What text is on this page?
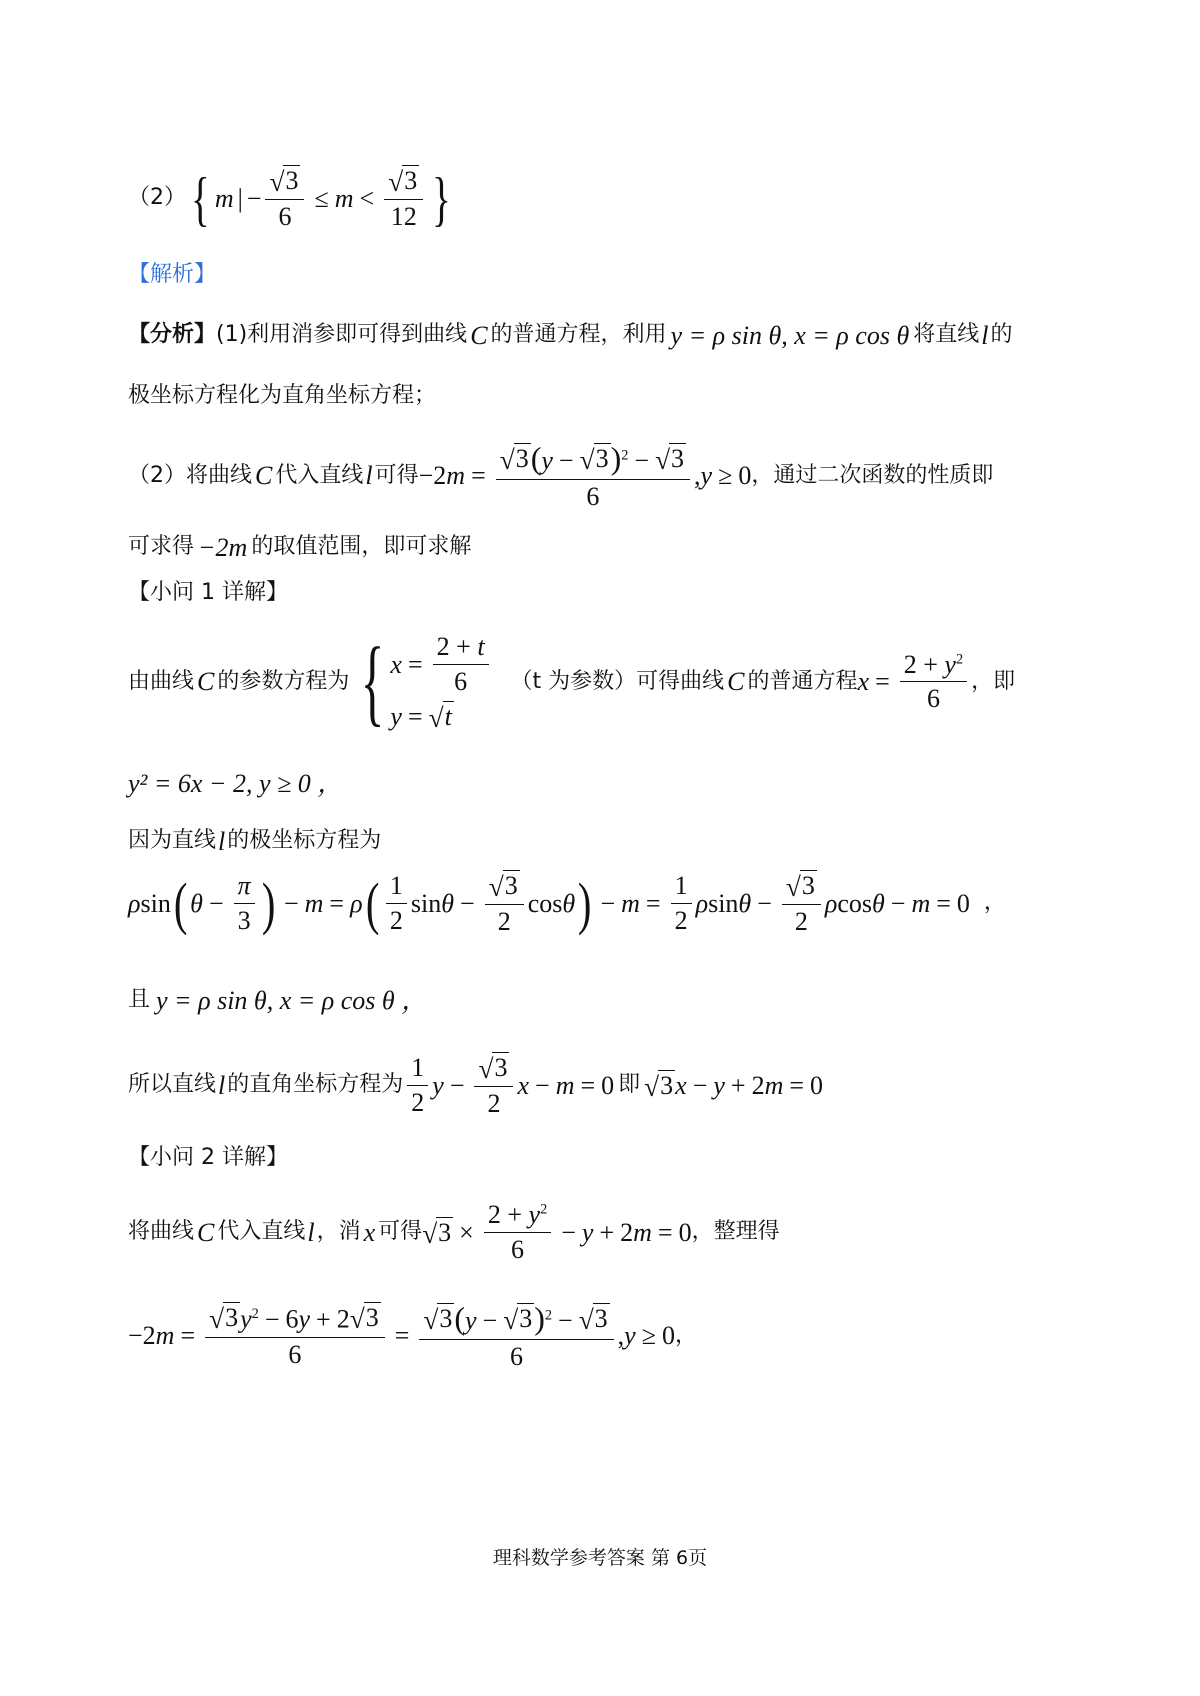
（2） { m | − $\frac{√ 3}{6} \le m < \frac{√ 3}{12}$ }
【解析】
【分析】 (1)利用消参即可得到曲线 C 的普通方程，利用 y = ρ sin θ, x = ρ cos θ 将直线 l 的
极坐标方程化为直角坐标方程；
（2）将曲线 C 代入直线 l 可得 −2 $m = \frac{√ 3 (y - √ 3 )^2 - √ 3}{6}$ , y ≥ 0 ，通过二次函数的性质即
可求得 −2m 的取值范围，即可求解
【小问 1 详解】
由曲线 C 的参数方程为 { $x = \frac{2 + t}{6}$
y = √ t
（t 为参数）可得曲线 C 的普通方程 $x = \frac{2 + y^2}{6}$ ，即
y² = 6x − 2, y ≥ 0 ，
因为直线 l 的极坐标方程为
ρ sin ( $\theta - \frac{\pi}{3}$ ) − m = ρ ( $\frac{1}{2}$ $\sin \theta - \frac{√ 3}{2}$ cos θ ) − $m = \frac{1}{2}$ ρ $\sin \theta - \frac{√ 3}{2}$ ρ cos θ − m = 0 ，
且 y = ρ sin θ, x = ρ cos θ ，
所以直线 l 的直角坐标方程为 $\frac{1}{2}$ $y - \frac{√ 3}{2}$ x − m = 0 即 √ 3 x − y + 2 m = 0
【小问 2 详解】
将曲线 C 代入直线 l ，消 x 可得 √ $3 \times \frac{2 + y^2}{6} - y + 2$ m = 0 ，整理得
−2 $m = \frac{√ 3 y^2 - 6y + 2 √ 3}{6} = \frac{√ 3 (y - √ 3 )^2 - √ 3}{6}$ , y ≥ 0 ，
理科数学参考答案 第 6页
